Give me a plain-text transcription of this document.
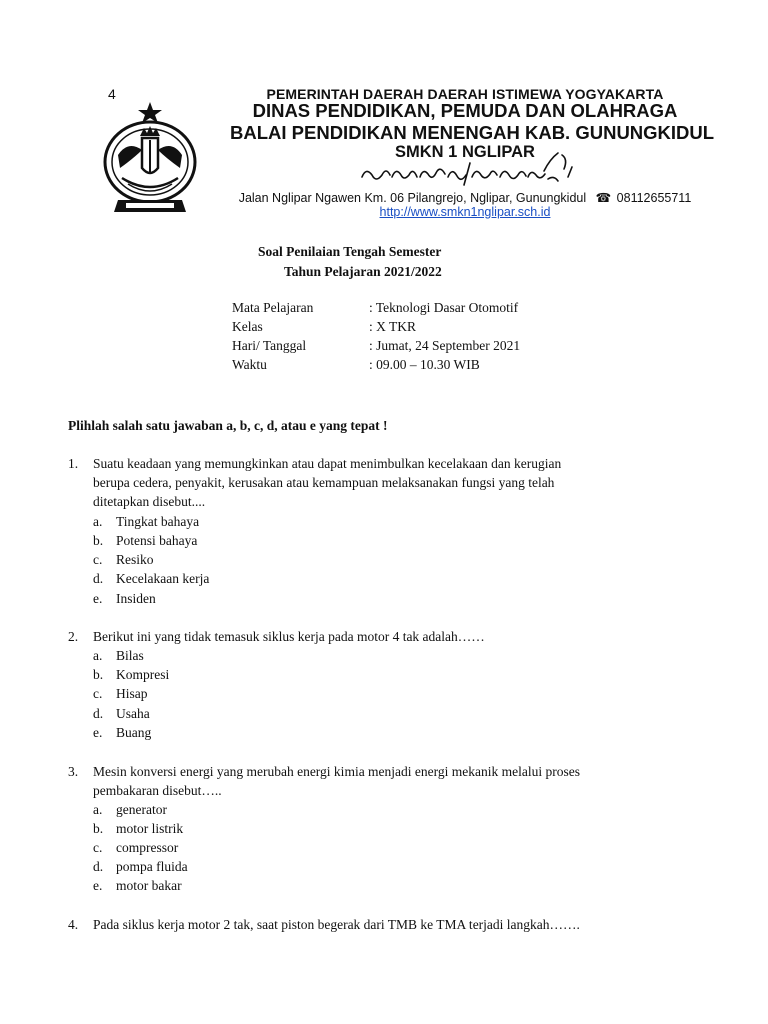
4	PEMERINTAH DAERAH DAERAH ISTIMEWA YOGYAKARTA
DINAS PENDIDIKAN, PEMUDA DAN OLAHRAGA
BALAI PENDIDIKAN MENENGAH KAB. GUNUNGKIDUL
SMKN 1 NGLIPAR
Jalan Nglipar Ngawen Km. 06 Pilangrejo, Nglipar, Gunungkidul ☎ 08112655711
http://www.smkn1nglipar.sch.id
Soal Penilaian Tengah Semester
Tahun Pelajaran 2021/2022
Mata Pelajaran	: Teknologi Dasar Otomotif
Kelas	: X TKR
Hari/ Tanggal	: Jumat, 24 September 2021
Waktu	: 09.00 – 10.30 WIB
Plihlah salah satu jawaban a, b, c, d, atau e yang tepat !
1. Suatu keadaan yang memungkinkan atau dapat menimbulkan kecelakaan dan kerugian
berupa cedera, penyakit, kerusakan atau kemampuan melaksanakan fungsi yang telah
ditetapkan disebut....
a. Tingkat bahaya
b. Potensi bahaya
c. Resiko
d. Kecelakaan kerja
e. Insiden
2. Berikut ini yang tidak temasuk siklus kerja pada motor 4 tak adalah……
a. Bilas
b. Kompresi
c. Hisap
d. Usaha
e. Buang
3. Mesin konversi energi yang merubah energi kimia menjadi energi mekanik melalui proses
pembakaran disebut…..
a. generator
b. motor listrik
c. compressor
d. pompa fluida
e. motor bakar
4. Pada siklus kerja motor 2 tak, saat piston begerak dari TMB ke TMA terjadi langkah…….
